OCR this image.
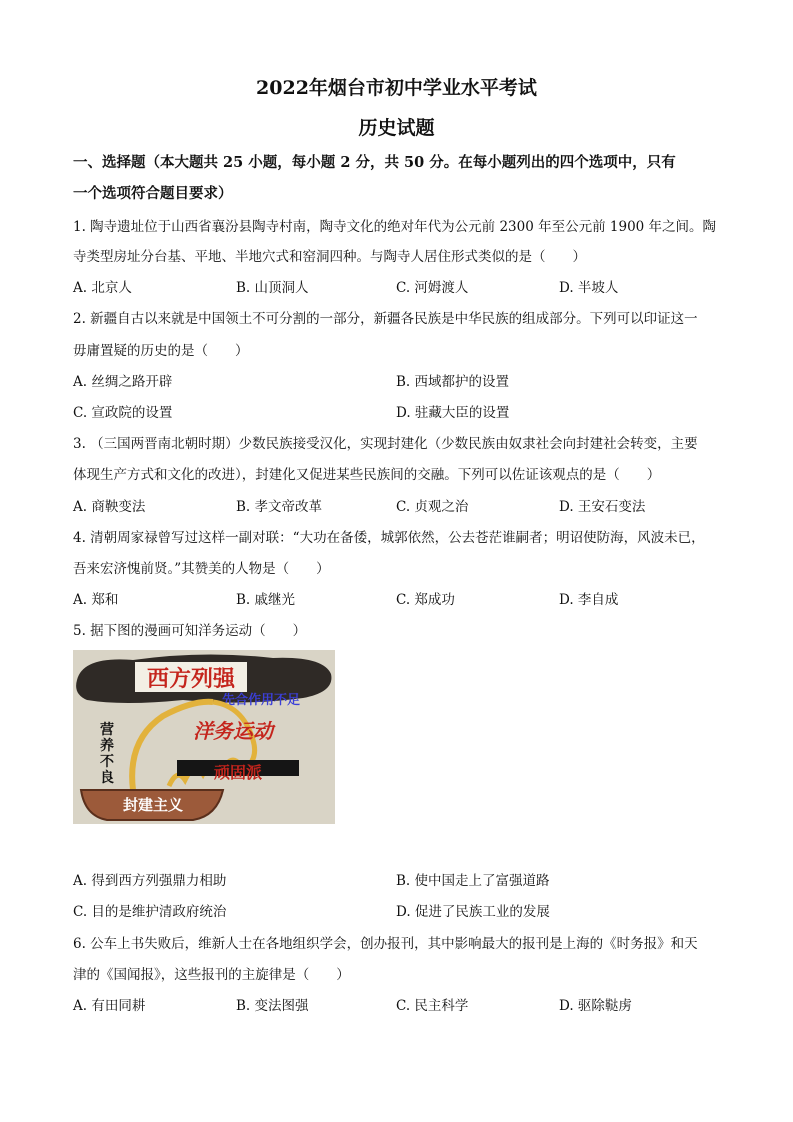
2022年烟台市初中学业水平考试
历史试题
一、选择题（本大题共 25 小题，每小题 2 分，共 50 分。在每小题列出的四个选项中，只有
一个选项符合题目要求）
1. 陶寺遗址位于山西省襄汾县陶寺村南，陶寺文化的绝对年代为公元前 2300 年至公元前 1900 年之间。陶
寺类型房址分台基、平地、半地穴式和窑洞四种。与陶寺人居住形式类似的是（　　）
A. 北京人	B. 山顶洞人	C. 河姆渡人	D. 半坡人
2. 新疆自古以来就是中国领土不可分割的一部分，新疆各民族是中华民族的组成部分。下列可以印证这一
毋庸置疑的历史的是（　　）
A. 丝绸之路开辟	B. 西域都护的设置
C. 宣政院的设置	D. 驻藏大臣的设置
3. （三国两晋南北朝时期）少数民族接受汉化，实现封建化（少数民族由奴隶社会向封建社会转变，主要
体现生产方式和文化的改进），封建化又促进某些民族间的交融。下列可以佐证该观点的是（　　）
A. 商鞅变法	B. 孝文帝改革	C. 贞观之治	D. 王安石变法
4. 清朝周家禄曾写过这样一副对联：“大功在备倭，城郭依然，公去苍茫谁嗣者；明诏使防海，风波未已，
吾来宏济愧前贤。”其赞美的人物是（　　）
A. 郑和	B. 戚继光	C. 郑成功	D. 李自成
5. 据下图的漫画可知洋务运动（　　）
西方列强
先合作用不足
洋务运动
顽固派
营
养
不
良
封建主义
A. 得到西方列强鼎力相助	B. 使中国走上了富强道路
C. 目的是维护清政府统治	D. 促进了民族工业的发展
6. 公车上书失败后，维新人士在各地组织学会，创办报刊，其中影响最大的报刊是上海的《时务报》和天
津的《国闻报》，这些报刊的主旋律是（　　）
A. 有田同耕	B. 变法图强	C. 民主科学	D. 驱除鞑虏
